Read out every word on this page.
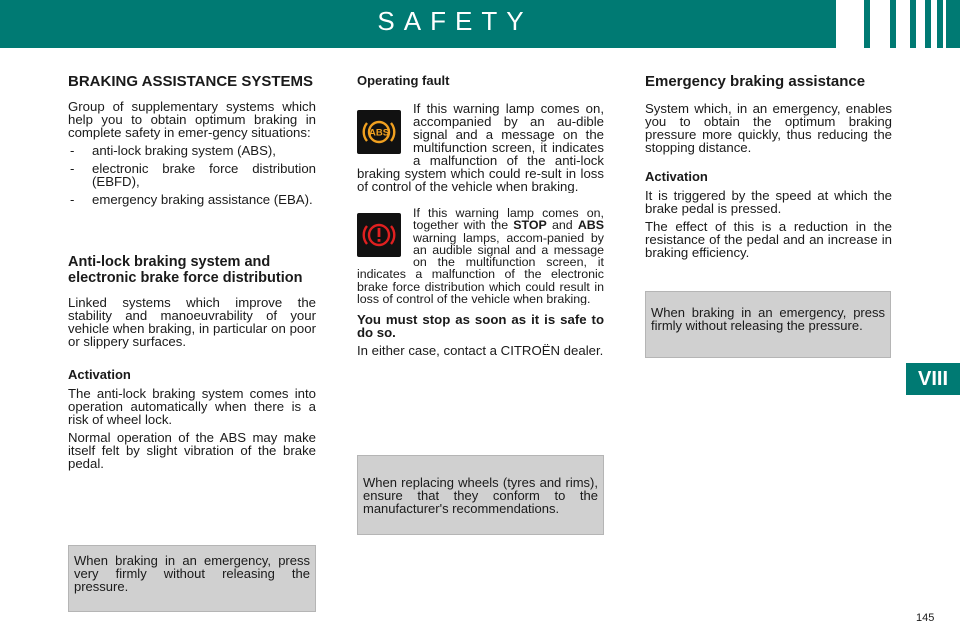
SAFETY
VIII
BRAKING ASSISTANCE SYSTEMS

Group of supplementary systems which help you to obtain optimum braking in complete safety in emer-gency situations:

- anti-lock braking system (ABS),
- electronic brake force distribution (EBFD),
- emergency braking assistance (EBA).
Anti-lock braking system and electronic brake force distribution

Linked systems which improve the stability and manoeuvrability of your vehicle when braking, in particular on poor or slippery surfaces.

Activation

The anti-lock braking system comes into operation automatically when there is a risk of wheel lock.

Normal operation of the ABS may make itself felt by slight vibration of the brake pedal.

When braking in an emergency, press very firmly without releasing the pressure.
Operating fault
ABS
If this warning lamp comes on, accompanied by an au-dible signal and a message on the multifunction screen, it indicates a malfunction of the anti-lock braking system which could re-sult in loss of control of the vehicle when braking.
If this warning lamp comes on, together with the STOP and ABS warning lamps, accom-panied by an audible signal and a message on the multifunction screen, it indicates a malfunction of the electronic brake force distribution which could result in loss of control of the vehicle when braking.

You must stop as soon as it is safe to do so.

In either case, contact a CITROËN dealer.

When replacing wheels (tyres and rims), ensure that they conform to the manufacturer's recommendations.
Emergency braking assistance

System which, in an emergency, enables you to obtain the optimum braking pressure more quickly, thus reducing the stopping distance.

Activation

It is triggered by the speed at which the brake pedal is pressed.

The effect of this is a reduction in the resistance of the pedal and an increase in braking efficiency.

When braking in an emergency, press firmly without releasing the pressure.
145
